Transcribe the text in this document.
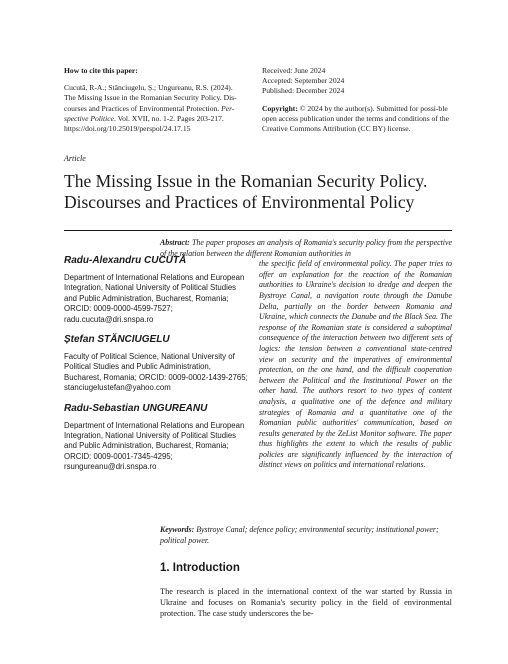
How to cite this paper:
Cucută, R-A.; Stănciugelu, Ș.; Ungureanu, R.S. (2024).
The Missing Issue in the Romanian Security Policy. Dis-
courses and Practices of Environmental Protection. Per- spective Politice. Vol. XVII, no. 1-2. Pages 203-217.
https://doi.org/10.25019/perspol/24.17.15
Received: June 2024
Accepted: September 2024
Published: December 2024
Copyright: © 2024 by the author(s). Submitted for possi-ble open access publication under the terms and conditions of the Creative Commons Attribution (CC BY) license.
Article
The Missing Issue in the Romanian Security Policy. Discourses and Practices of Environmental Policy
Abstract: The paper proposes an analysis of Romania's security policy from the perspective of the relation between the different Romanian authorities in
the specific field of environmental policy. The paper tries to offer an explanation for the reaction of the Romanian authorities to Ukraine's decision to dredge and deepen the Bystroye Canal, a navigation route through the Danube Delta, partially on the border between Romania and Ukraine, which connects the Danube and the Black Sea. The response of the Romanian state is considered a suboptimal consequence of the interaction between two different sets of logics: the tension between a conventional state-centred view on security and the imperatives of environmental protection, on the one hand, and the difficult cooperation between the Political and the Institutional Power on the other hand. The authors resort to two types of content analysis, a qualitative one of the defence and military strategies of Romania and a quantitative one of the Romanian public authorities' communication, based on results generated by the ZeList Monitor software. The paper thus highlights the extent to which the results of public policies are significantly influenced by the interaction of distinct views on politics and international relations.
Radu-Alexandru CUCUTĂ
Department of International Relations and European Integration, National University of Political Studies and Public Administration, Bucharest, Romania; ORCID: 0009-0000-4599-7527; radu.cucuta@dri.snspa.ro
Ștefan STĂNCIUGELU
Faculty of Political Science, National University of Political Studies and Public Administration, Bucharest, Romania; ORCID: 0009-0002-1439-2765; stanciugelustefan@yahoo.com
Radu-Sebastian UNGUREANU
Department of International Relations and European Integration, National University of Political Studies and Public Administration, Bucharest, Romania; ORCID: 0009-0001-7345-4295; rsungureanu@dri.snspa.ro
Keywords: Bystroye Canal; defence policy; environmental security; institutional power; political power.
1. Introduction
The research is placed in the international context of the war started by Russia in Ukraine and focuses on Romania's security policy in the field of environmental protection. The case study underscores the be-
